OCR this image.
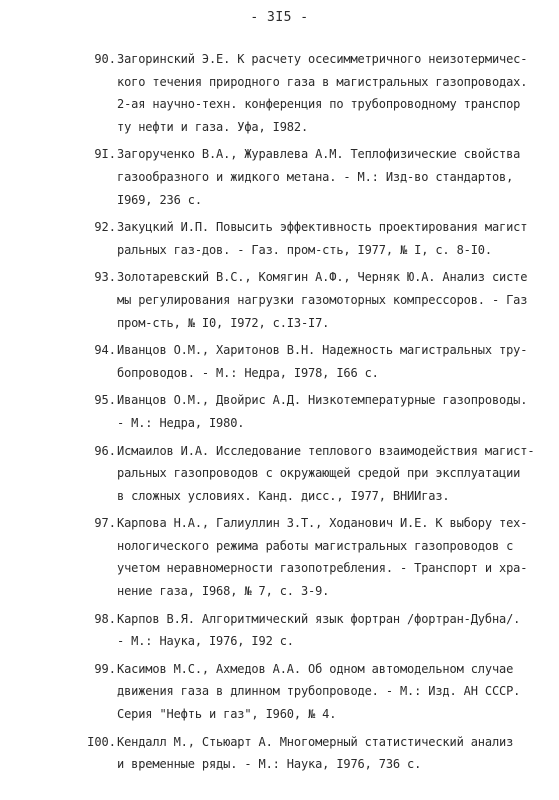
- 3I5 -
90. Загоринский Э.Е. К расчету осесимметричного неизотермичес-
кого течения природного газа в магистральных газопроводах.
2-ая научно-техн. конференция по трубопроводному транспор
ту нефти и газа. Уфа, I982.
9I. Загорученко В.А., Журавлева А.М. Теплофизические свойства
газообразного и жидкого метана. - М.: Изд-во стандартов,
I969, 236 с.
92. Закуцкий И.П. Повысить эффективность проектирования магист
ральных газ-дов. - Газ. пром-сть, I977, № I, с. 8-I0.
93. Золотаревский В.С., Комягин А.Ф., Черняк Ю.А. Анализ систе
мы регулирования нагрузки газомоторных компрессоров. - Газ
пром-сть, № I0, I972, с.I3-I7.
94. Иванцов О.М., Харитонов В.Н. Надежность магистральных тру-
бопроводов. - М.: Недра, I978, I66 с.
95. Иванцов О.М., Двойрис А.Д. Низкотемпературные газопроводы.
- М.: Недра, I980.
96. Исмаилов И.А. Исследование теплового взаимодействия магист-
ральных газопроводов с окружающей средой при эксплуатации
в сложных условиях. Канд. дисс., I977, ВНИИгаз.
97. Карпова Н.А., Галиуллин З.Т., Ходанович И.Е. К выбору тех-
нологического режима работы магистральных газопроводов с
учетом неравномерности газопотребления. - Транспорт и хра-
нение газа, I968, № 7, с. 3-9.
98. Карпов В.Я. Алгоритмический язык фортран /фортран-Дубна/.
- М.: Наука, I976, I92 с.
99. Касимов М.С., Ахмедов А.А. Об одном автомодельном случае
движения газа в длинном трубопроводе. - М.: Изд. АН СССР.
Серия "Нефть и газ", I960, № 4.
I00. Кендалл М., Стьюарт А. Многомерный статистический анализ
и временные ряды. - М.: Наука, I976, 736 с.
